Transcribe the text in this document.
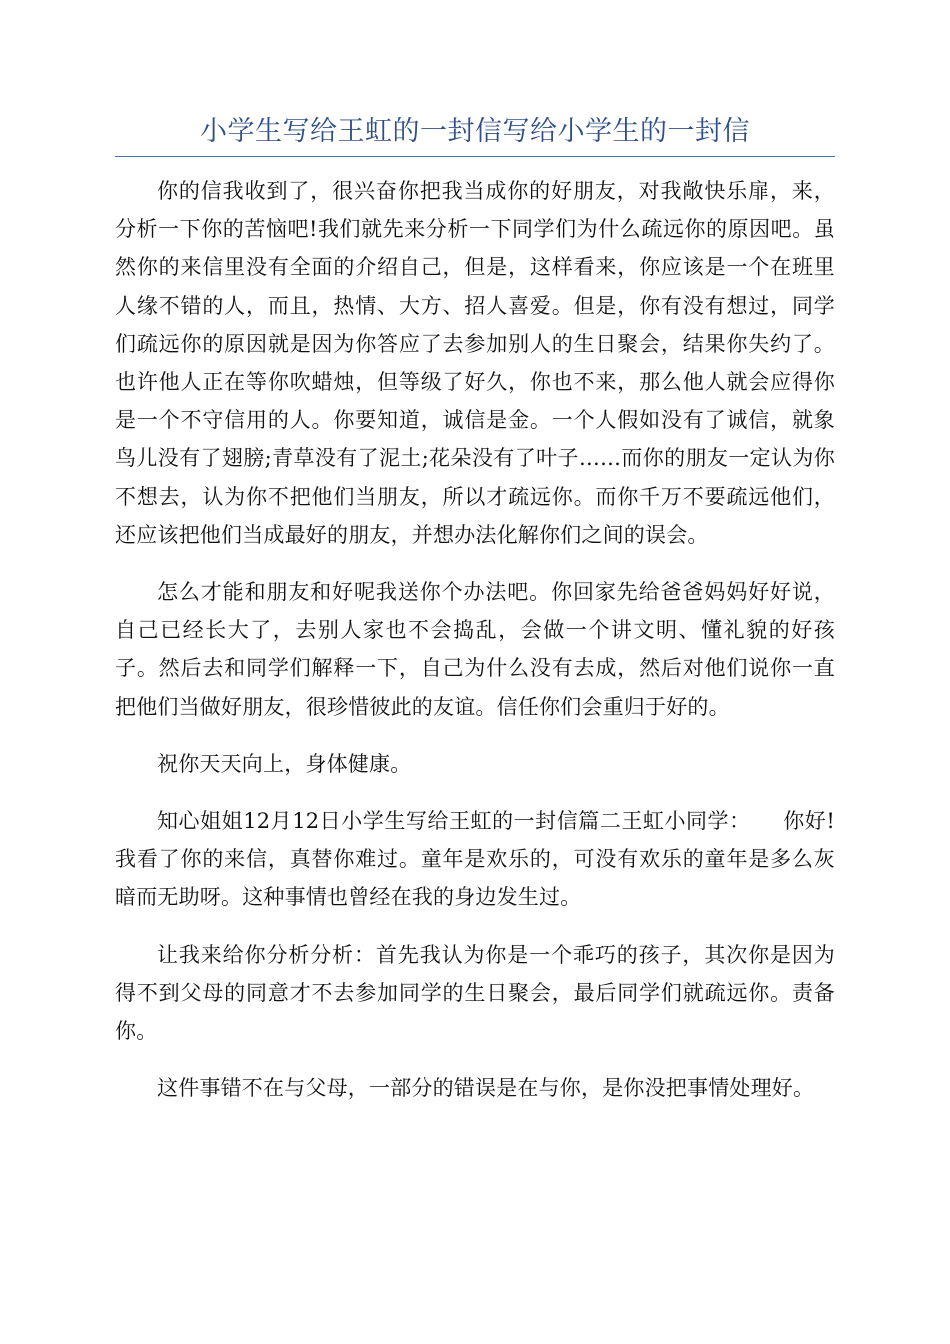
小学生写给王虹的一封信写给小学生的一封信

你的信我收到了，很兴奋你把我当成你的好朋友，对我敞快乐扉，来，分析一下你的苦恼吧!我们就先来分析一下同学们为什么疏远你的原因吧。虽然你的来信里没有全面的介绍自己，但是，这样看来，你应该是一个在班里人缘不错的人，而且，热情、大方、招人喜爱。但是，你有没有想过，同学们疏远你的原因就是因为你答应了去参加别人的生日聚会，结果你失约了。也许他人正在等你吹蜡烛，但等级了好久，你也不来，那么他人就会应得你是一个不守信用的人。你要知道，诚信是金。一个人假如没有了诚信，就象鸟儿没有了翅膀;青草没有了泥土;花朵没有了叶子……而你的朋友一定认为你不想去，认为你不把他们当朋友，所以才疏远你。而你千万不要疏远他们，还应该把他们当成最好的朋友，并想办法化解你们之间的误会。

怎么才能和朋友和好呢我送你个办法吧。你回家先给爸爸妈妈好好说，自己已经长大了，去别人家也不会捣乱，会做一个讲文明、懂礼貌的好孩子。然后去和同学们解释一下，自己为什么没有去成，然后对他们说你一直把他们当做好朋友，很珍惜彼此的友谊。信任你们会重归于好的。

祝你天天向上，身体健康。

知心姐姐12月12日小学生写给王虹的一封信篇二王虹小同学：　　你好!我看了你的来信，真替你难过。童年是欢乐的，可没有欢乐的童年是多么灰暗而无助呀。这种事情也曾经在我的身边发生过。

让我来给你分析分析：首先我认为你是一个乖巧的孩子，其次你是因为得不到父母的同意才不去参加同学的生日聚会，最后同学们就疏远你。责备你。

这件事错不在与父母，一部分的错误是在与你，是你没把事情处理好。
